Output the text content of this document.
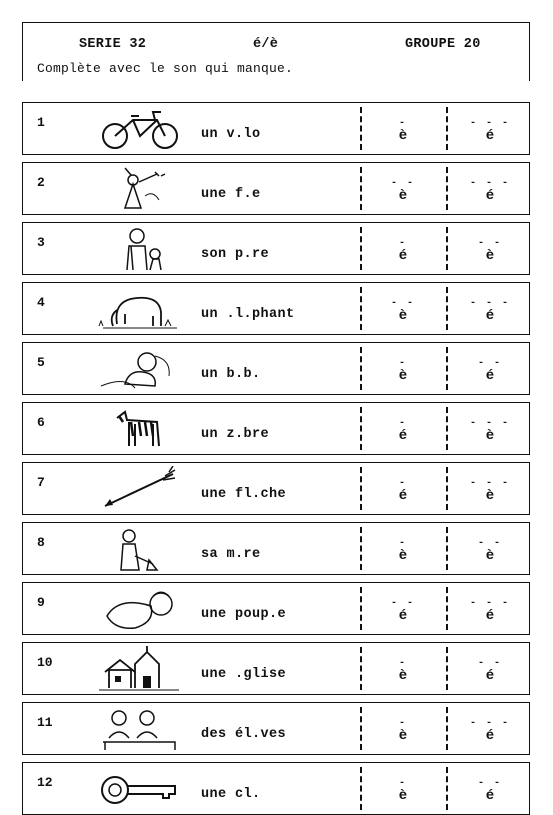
SERIE 32	é/è	GROUPE 20
Complète avec le son qui manque.
1
un v.lo
-
è
- - -
é
2
une f.e
- -
è
- - -
é
3
son p.re
-
é
- -
è
4
un .l.phant
- -
è
- - -
é
5
un b.b.
-
è
- -
é
6
un z.bre
-
é
- - -
è
7
une fl.che
-
é
- - -
è
8
sa m.re
-
è
- -
è
9
une poup.e
- -
é
- - -
é
10
une .glise
-
è
- -
é
11
des él.ves
-
è
- - -
é
12
une cl.
-
è
- -
é
